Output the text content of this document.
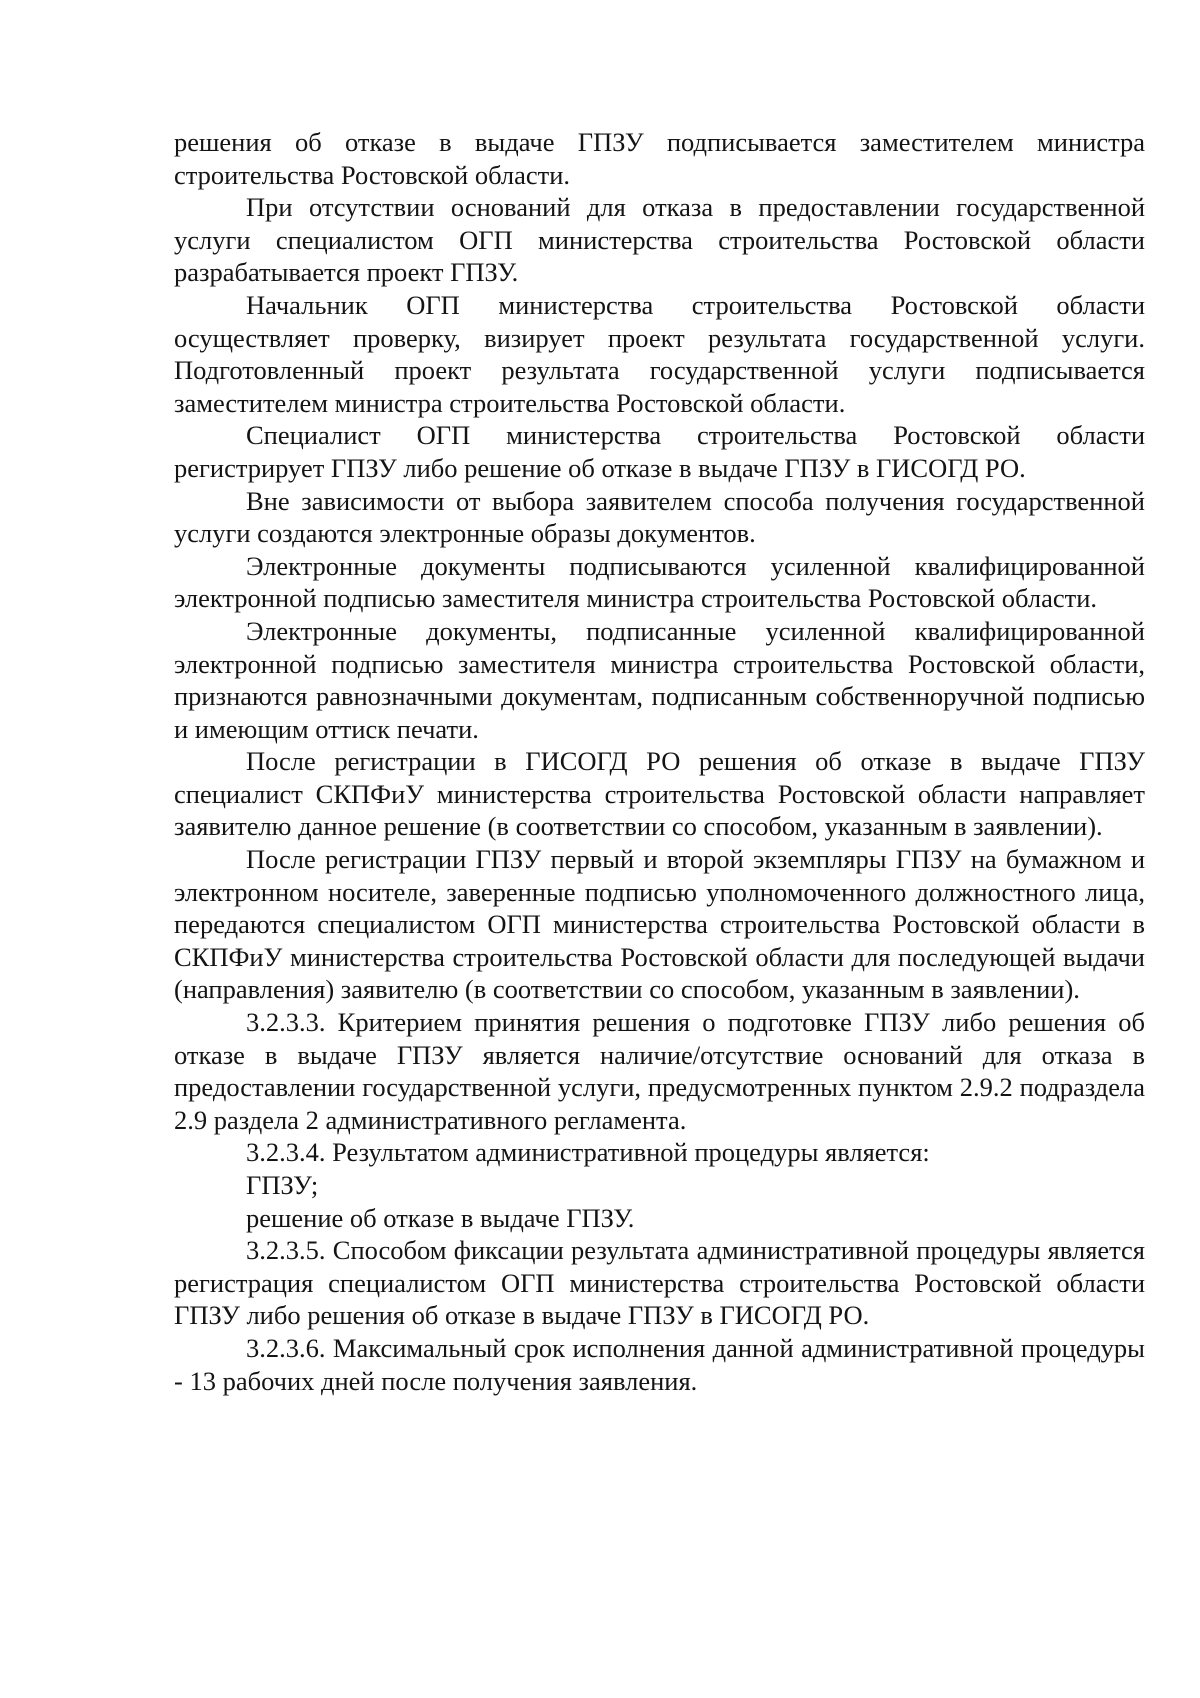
решения об отказе в выдаче ГПЗУ подписывается заместителем министра строительства Ростовской области.

При отсутствии оснований для отказа в предоставлении государственной услуги специалистом ОГП министерства строительства Ростовской области разрабатывается проект ГПЗУ.

Начальник ОГП министерства строительства Ростовской области осуществляет проверку, визирует проект результата государственной услуги. Подготовленный проект результата государственной услуги подписывается заместителем министра строительства Ростовской области.

Специалист ОГП министерства строительства Ростовской области регистрирует ГПЗУ либо решение об отказе в выдаче ГПЗУ в ГИСОГД РО.

Вне зависимости от выбора заявителем способа получения государственной услуги создаются электронные образы документов.

Электронные документы подписываются усиленной квалифицированной электронной подписью заместителя министра строительства Ростовской области.

Электронные документы, подписанные усиленной квалифицированной электронной подписью заместителя министра строительства Ростовской области, признаются равнозначными документам, подписанным собственноручной подписью и имеющим оттиск печати.

После регистрации в ГИСОГД РО решения об отказе в выдаче ГПЗУ специалист СКПФиУ министерства строительства Ростовской области направляет заявителю данное решение (в соответствии со способом, указанным в заявлении).

После регистрации ГПЗУ первый и второй экземпляры ГПЗУ на бумажном и электронном носителе, заверенные подписью уполномоченного должностного лица, передаются специалистом ОГП министерства строительства Ростовской области в СКПФиУ министерства строительства Ростовской области для последующей выдачи (направления) заявителю (в соответствии со способом, указанным в заявлении).

3.2.3.3. Критерием принятия решения о подготовке ГПЗУ либо решения об отказе в выдаче ГПЗУ является наличие/отсутствие оснований для отказа в предоставлении государственной услуги, предусмотренных пунктом 2.9.2 подраздела 2.9 раздела 2 административного регламента.

3.2.3.4. Результатом административной процедуры является:

ГПЗУ;

решение об отказе в выдаче ГПЗУ.

3.2.3.5. Способом фиксации результата административной процедуры является регистрация специалистом ОГП министерства строительства Ростовской области ГПЗУ либо решения об отказе в выдаче ГПЗУ в ГИСОГД РО.

3.2.3.6. Максимальный срок исполнения данной административной процедуры - 13 рабочих дней после получения заявления.
